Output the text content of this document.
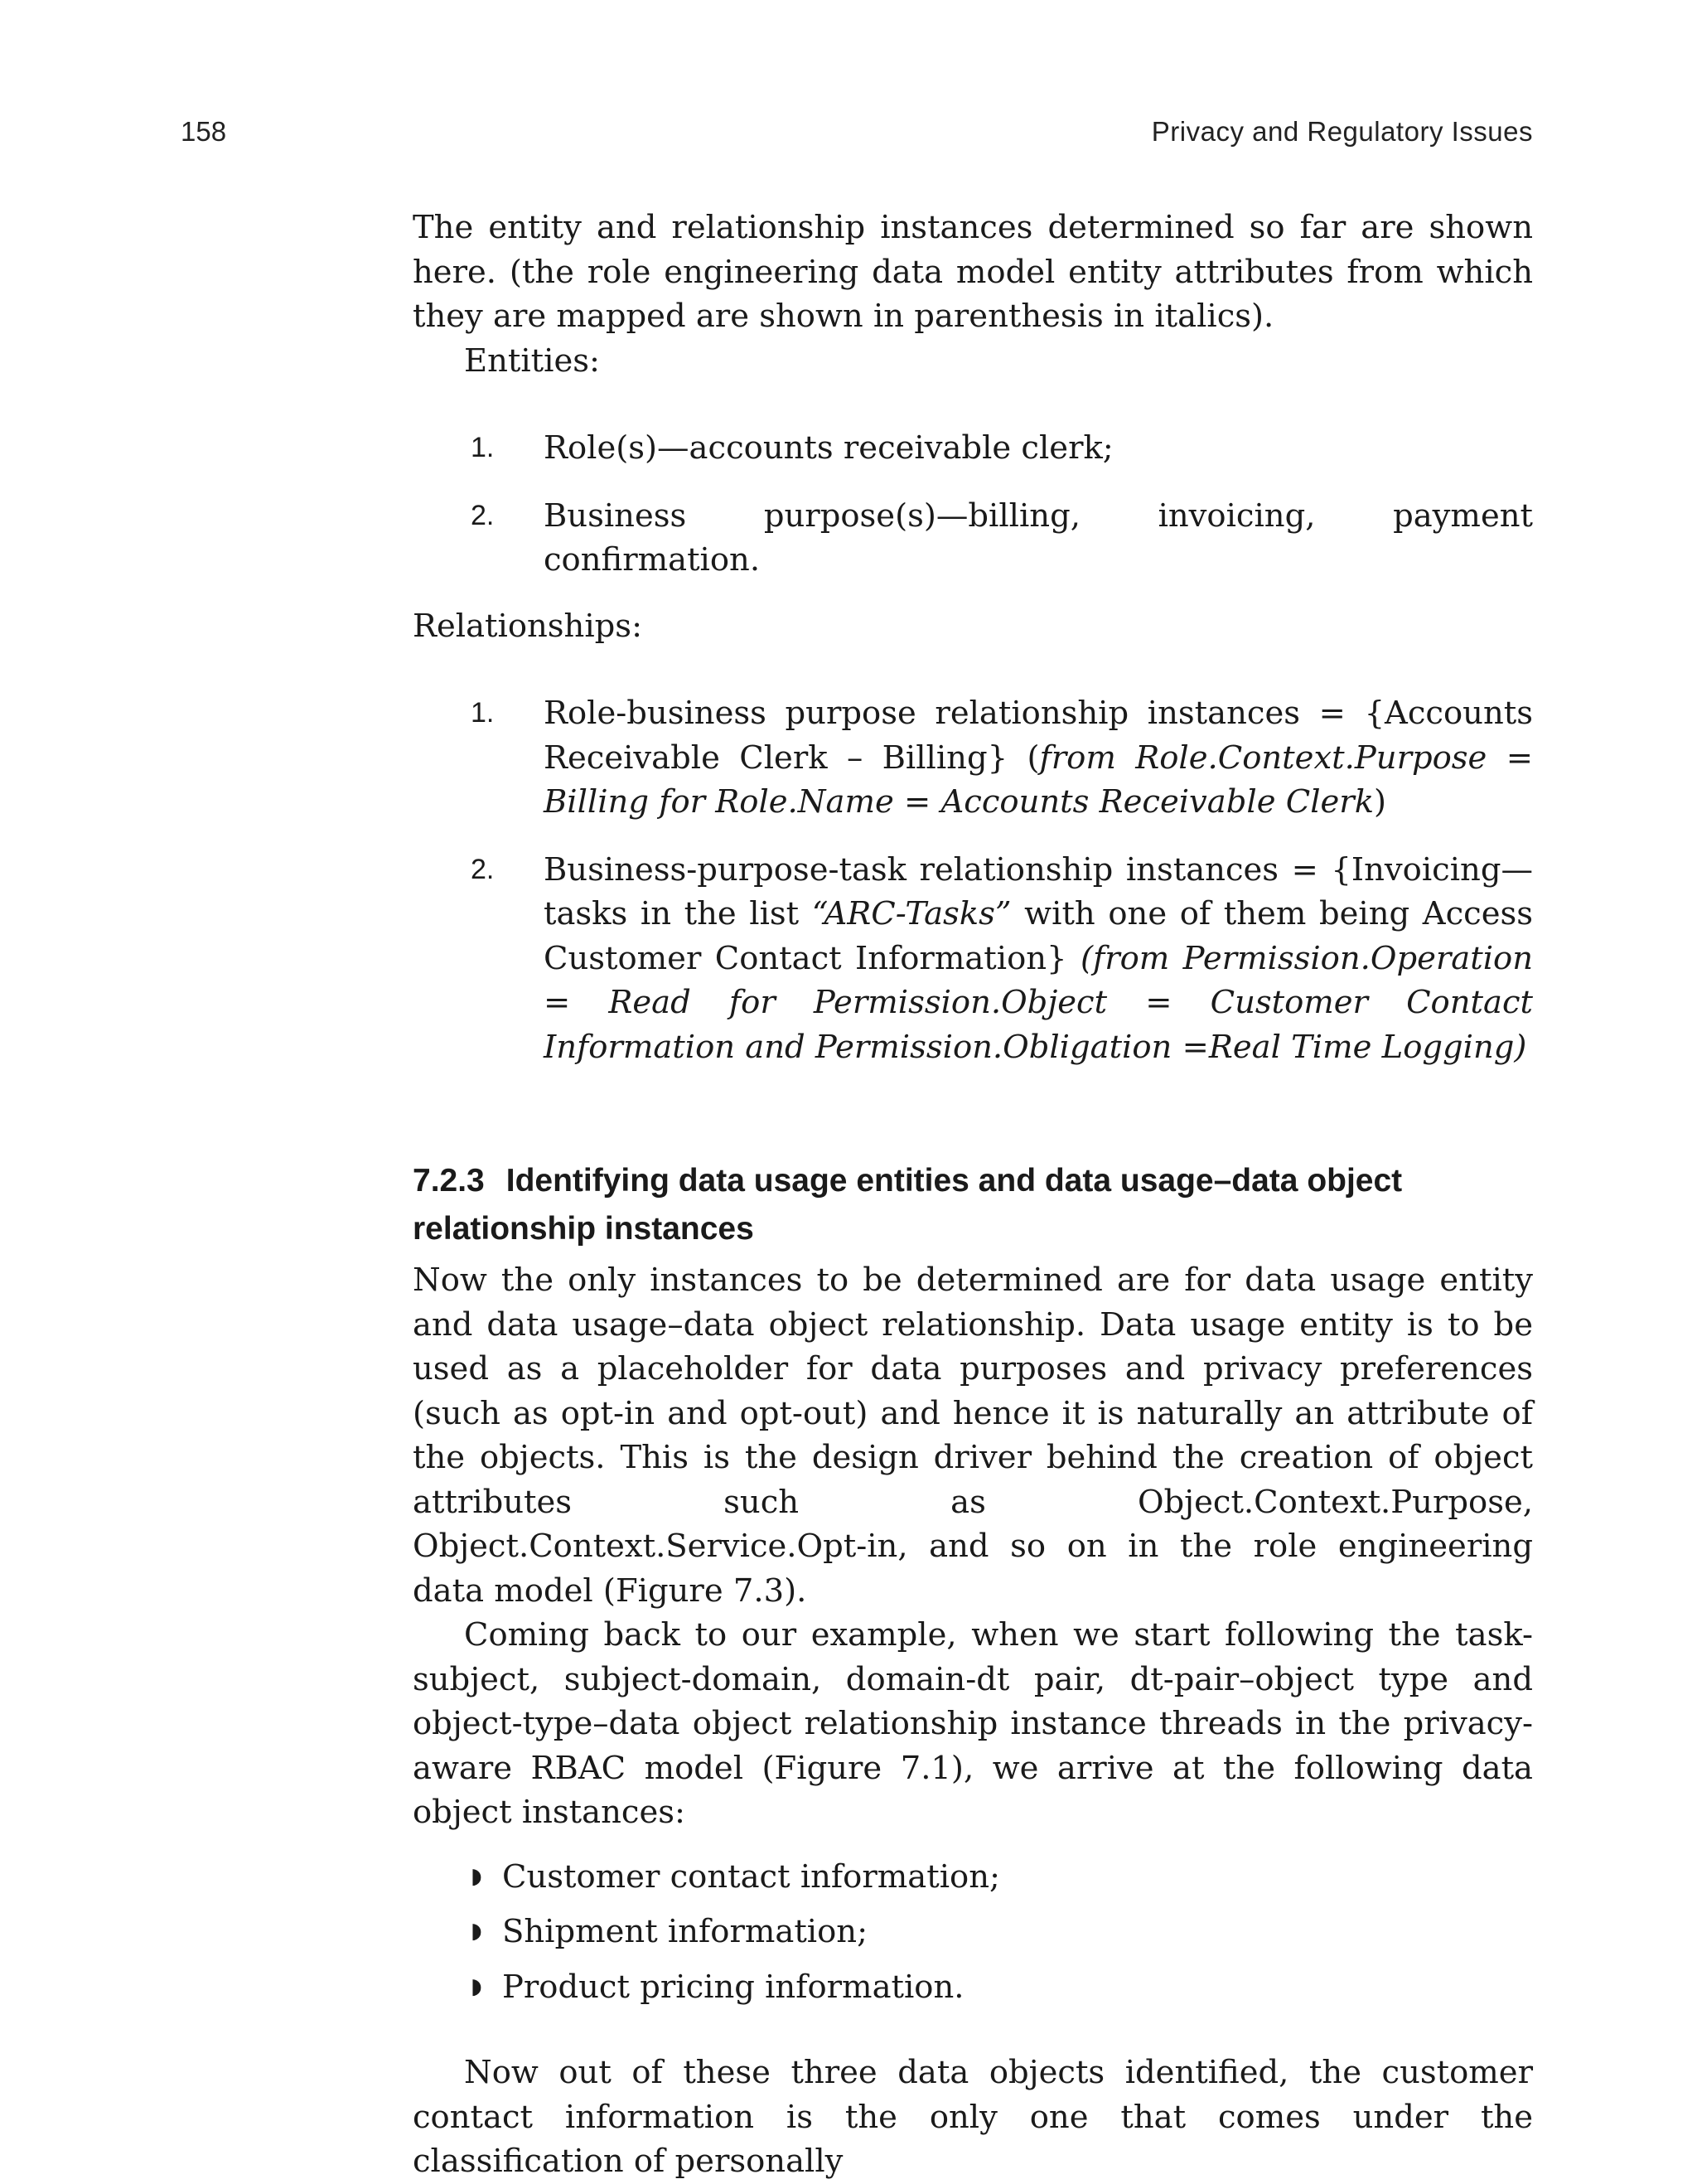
158	Privacy and Regulatory Issues

The entity and relationship instances determined so far are shown here. (the role engineering data model entity attributes from which they are mapped are shown in parenthesis in italics).

Entities:
1. Role(s)—accounts receivable clerk;
2. Business purpose(s)—billing, invoicing, payment confirmation.
Relationships:
1. Role-business purpose relationship instances = {Accounts Receivable Clerk – Billing} (from Role.Context.Purpose = Billing for Role.Name = Accounts Receivable Clerk)
2. Business-purpose-task relationship instances = {Invoicing—tasks in the list “ARC-Tasks” with one of them being Access Customer Contact Information} (from Permission.Operation = Read for Permission.Object = Customer Contact Information and Permission.Obligation =Real Time Logging)
7.2.3 Identifying data usage entities and data usage–data object relationship instances

Now the only instances to be determined are for data usage entity and data usage–data object relationship. Data usage entity is to be used as a placeholder for data purposes and privacy preferences (such as opt-in and opt-out) and hence it is naturally an attribute of the objects. This is the design driver behind the creation of object attributes such as Object.Context.Purpose, Object.Context.Service.Opt-in, and so on in the role engineering data model (Figure 7.3).

Coming back to our example, when we start following the task-subject, subject-domain, domain-dt pair, dt-pair–object type and object-type–data object relationship instance threads in the privacy-aware RBAC model (Figure 7.1), we arrive at the following data object instances:

◗ Customer contact information;
◗ Shipment information;
◗ Product pricing information.

Now out of these three data objects identified, the customer contact information is the only one that comes under the classification of personally
